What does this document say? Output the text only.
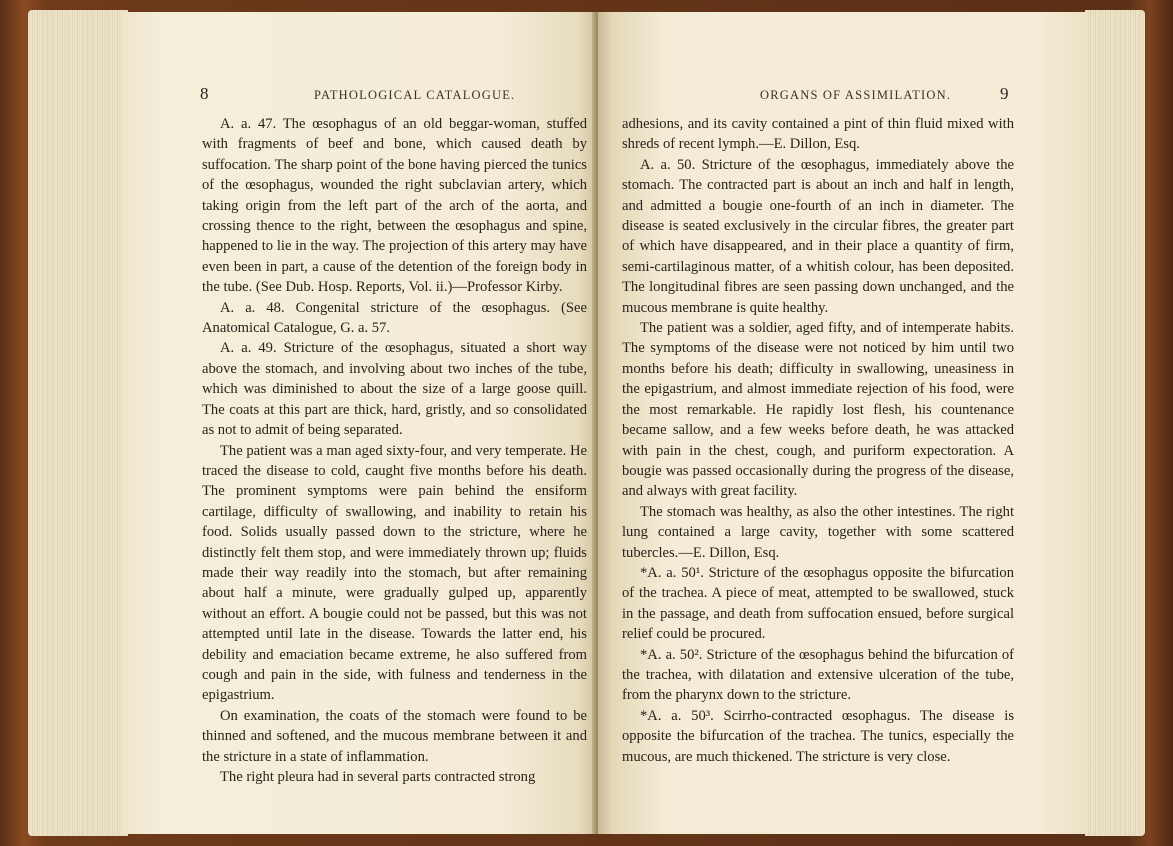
8	PATHOLOGICAL CATALOGUE.

A. a. 47. The œsophagus of an old beggar-woman, stuffed with fragments of beef and bone, which caused death by suffocation. The sharp point of the bone having pierced the tunics of the œsophagus, wounded the right subclavian artery, which taking origin from the left part of the arch of the aorta, and crossing thence to the right, between the œsophagus and spine, happened to lie in the way. The projection of this artery may have even been in part, a cause of the detention of the foreign body in the tube. (See Dub. Hosp. Reports, Vol. ii.)—Professor Kirby.

A. a. 48. Congenital stricture of the œsophagus. (See Anatomical Catalogue, G. a. 57.

A. a. 49. Stricture of the œsophagus, situated a short way above the stomach, and involving about two inches of the tube, which was diminished to about the size of a large goose quill. The coats at this part are thick, hard, gristly, and so consolidated as not to admit of being separated.

The patient was a man aged sixty-four, and very temperate. He traced the disease to cold, caught five months before his death. The prominent symptoms were pain behind the ensiform cartilage, difficulty of swallowing, and inability to retain his food. Solids usually passed down to the stricture, where he distinctly felt them stop, and were immediately thrown up; fluids made their way readily into the stomach, but after remaining about half a minute, were gradually gulped up, apparently without an effort. A bougie could not be passed, but this was not attempted until late in the disease. Towards the latter end, his debility and emaciation became extreme, he also suffered from cough and pain in the side, with fulness and tenderness in the epigastrium.

On examination, the coats of the stomach were found to be thinned and softened, and the mucous membrane between it and the stricture in a state of inflammation.

The right pleura had in several parts contracted strong

ORGANS OF ASSIMILATION.	9

adhesions, and its cavity contained a pint of thin fluid mixed with shreds of recent lymph.—E. Dillon, Esq.

A. a. 50. Stricture of the œsophagus, immediately above the stomach. The contracted part is about an inch and half in length, and admitted a bougie one-fourth of an inch in diameter. The disease is seated exclusively in the circular fibres, the greater part of which have disappeared, and in their place a quantity of firm, semi-cartilaginous matter, of a whitish colour, has been deposited. The longitudinal fibres are seen passing down unchanged, and the mucous membrane is quite healthy.

The patient was a soldier, aged fifty, and of intemperate habits. The symptoms of the disease were not noticed by him until two months before his death; difficulty in swallowing, uneasiness in the epigastrium, and almost immediate rejection of his food, were the most remarkable. He rapidly lost flesh, his countenance became sallow, and a few weeks before death, he was attacked with pain in the chest, cough, and puriform expectoration. A bougie was passed occasionally during the progress of the disease, and always with great facility.

The stomach was healthy, as also the other intestines. The right lung contained a large cavity, together with some scattered tubercles.—E. Dillon, Esq.

*A. a. 50¹. Stricture of the œsophagus opposite the bifurcation of the trachea. A piece of meat, attempted to be swallowed, stuck in the passage, and death from suffocation ensued, before surgical relief could be procured.

*A. a. 50². Stricture of the œsophagus behind the bifurcation of the trachea, with dilatation and extensive ulceration of the tube, from the pharynx down to the stricture.

*A. a. 50³. Scirrho-contracted œsophagus. The disease is opposite the bifurcation of the trachea. The tunics, especially the mucous, are much thickened. The stricture is very close.
